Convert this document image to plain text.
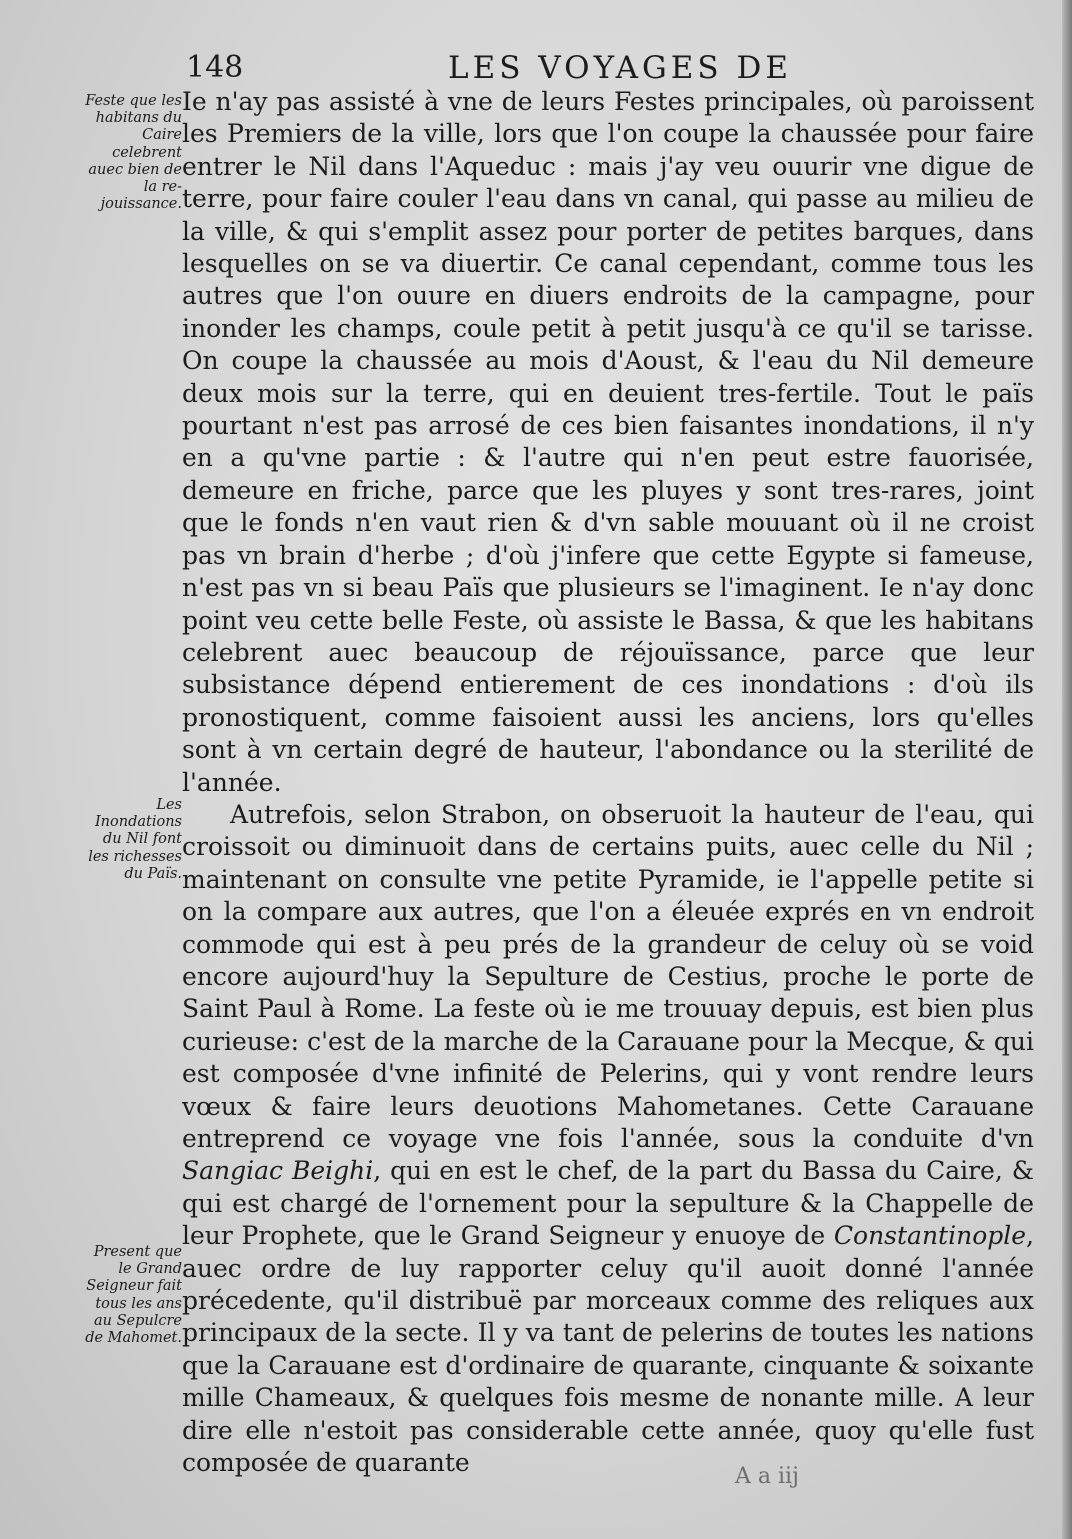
148	LES VOYAGES DE
Feste que les habitans du Caire celebrent auec bien de la re-jouissance.
Les Inondations du Nil font les richesses du Païs.
Present que le Grand Seigneur fait tous les ans au Sepulcre de Mahomet.

Ie n'ay pas assisté à vne de leurs Festes principales, où paroissent les Premiers de la ville, lors que l'on coupe la chaussée pour faire entrer le Nil dans l'Aqueduc : mais j'ay veu ouurir vne digue de terre, pour faire couler l'eau dans vn canal, qui passe au milieu de la ville, & qui s'emplit assez pour porter de petites barques, dans lesquelles on se va diuertir. Ce canal cependant, comme tous les autres que l'on ouure en diuers endroits de la campagne, pour inonder les champs, coule petit à petit jusqu'à ce qu'il se tarisse. On coupe la chaussée au mois d'Aoust, & l'eau du Nil demeure deux mois sur la terre, qui en deuient tres-fertile. Tout le païs pourtant n'est pas arrosé de ces bien faisantes inondations, il n'y en a qu'vne partie : & l'autre qui n'en peut estre fauorisée, demeure en friche, parce que les pluyes y sont tres-rares, joint que le fonds n'en vaut rien & d'vn sable mouuant où il ne croist pas vn brain d'herbe ; d'où j'infere que cette Egypte si fameuse, n'est pas vn si beau Païs que plusieurs se l'imaginent. Ie n'ay donc point veu cette belle Feste, où assiste le Bassa, & que les habitans celebrent auec beaucoup de réjouïssance, parce que leur subsistance dépend entierement de ces inondations : d'où ils pronostiquent, comme faisoient aussi les anciens, lors qu'elles sont à vn certain degré de hauteur, l'abondance ou la sterilité de l'année.

Autrefois, selon Strabon, on obseruoit la hauteur de l'eau, qui croissoit ou diminuoit dans de certains puits, auec celle du Nil ; maintenant on consulte vne petite Pyramide, ie l'appelle petite si on la compare aux autres, que l'on a éleuée exprés en vn endroit commode qui est à peu prés de la grandeur de celuy où se void encore aujourd'huy la Sepulture de Cestius, proche le porte de Saint Paul à Rome. La feste où ie me trouuay depuis, est bien plus curieuse: c'est de la marche de la Carauane pour la Mecque, & qui est composée d'vne infinité de Pelerins, qui y vont rendre leurs vœux & faire leurs deuotions Mahometanes. Cette Carauane entreprend ce voyage vne fois l'année, sous la conduite d'vn Sangiac Beighi, qui en est le chef, de la part du Bassa du Caire, & qui est chargé de l'ornement pour la sepulture & la Chappelle de leur Prophete, que le Grand Seigneur y enuoye de Constantinople, auec ordre de luy rapporter celuy qu'il auoit donné l'année précedente, qu'il distribuë par morceaux comme des reliques aux principaux de la secte. Il y va tant de pelerins de toutes les nations que la Carauane est d'ordinaire de quarante, cinquante & soixante mille Chameaux, & quelques fois mesme de nonante mille. A leur dire elle n'estoit pas considerable cette année, quoy qu'elle fust composée de quarante	A a iij
